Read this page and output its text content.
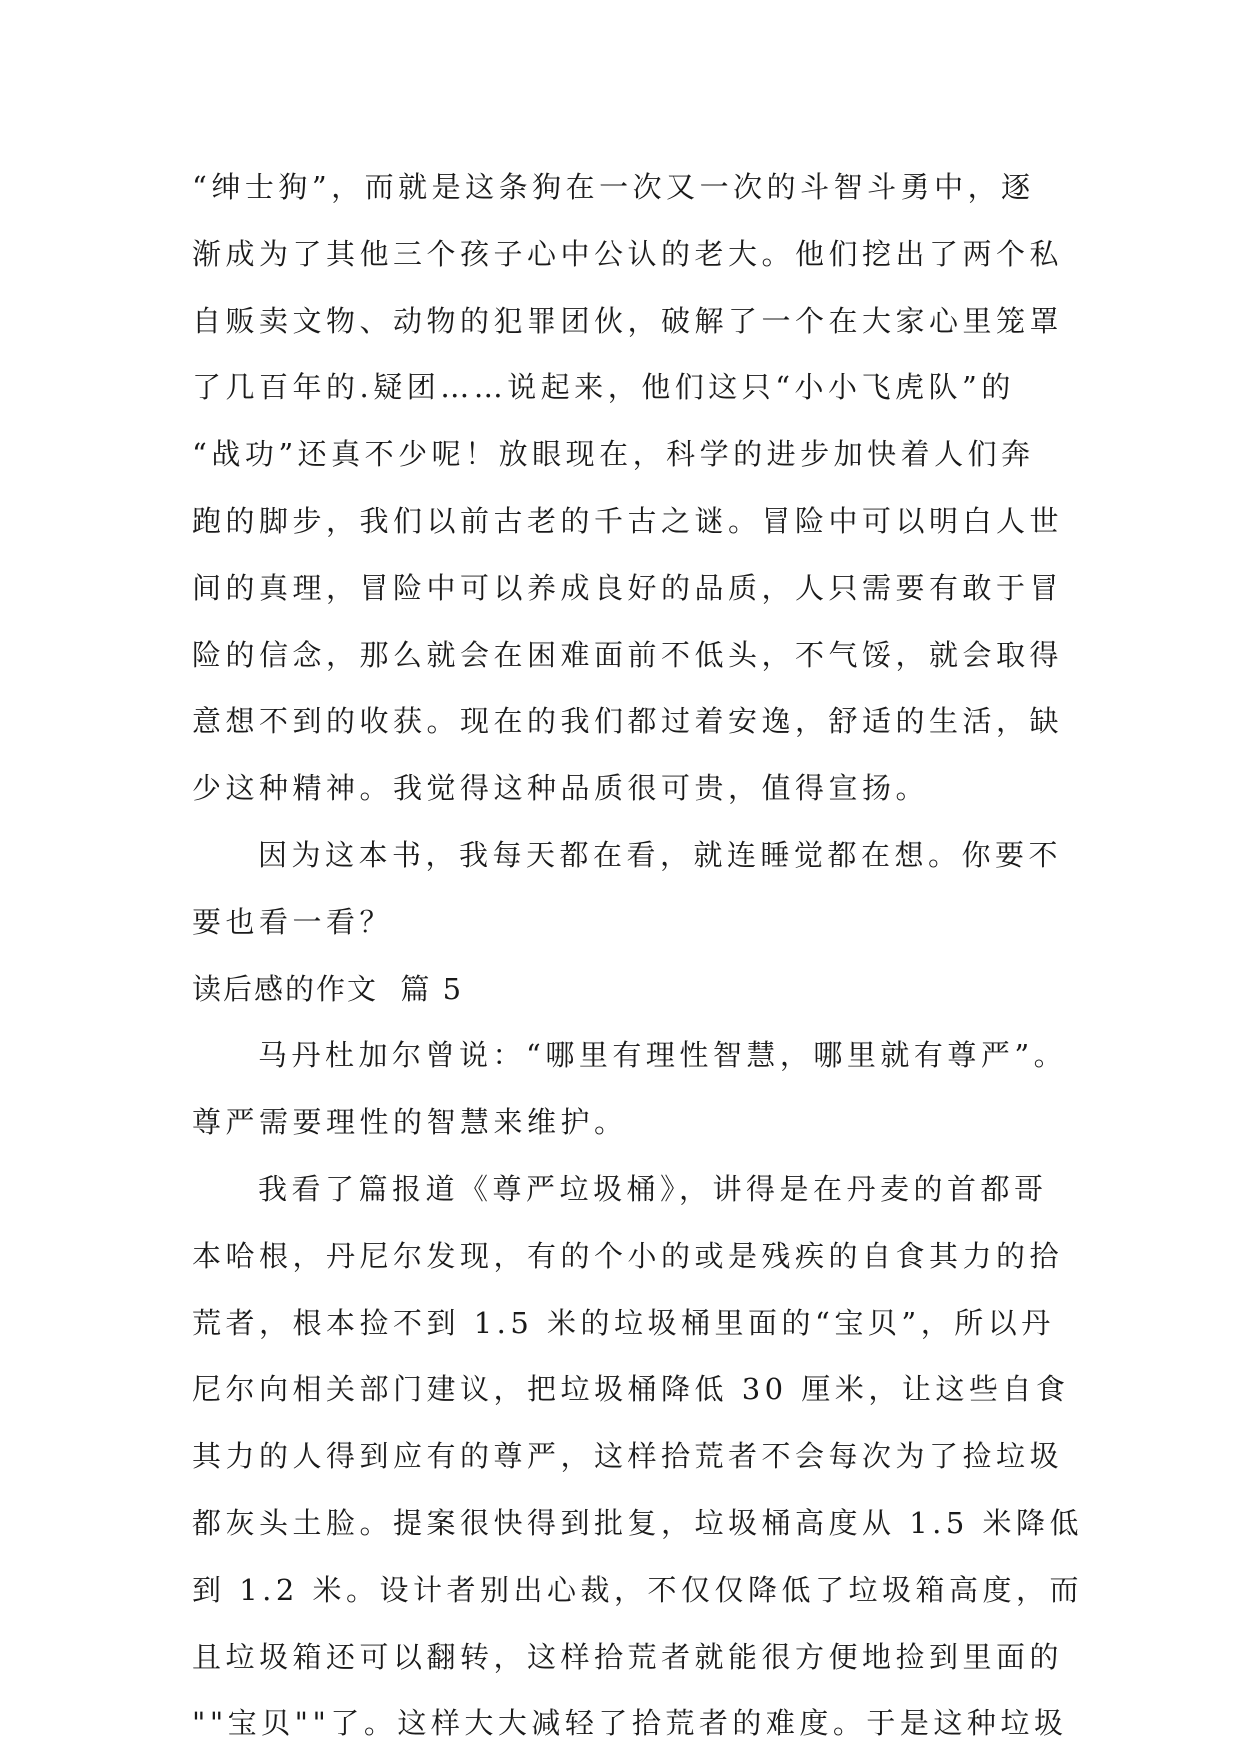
“绅士狗”，而就是这条狗在一次又一次的斗智斗勇中，逐
渐成为了其他三个孩子心中公认的老大。他们挖出了两个私
自贩卖文物、动物的犯罪团伙，破解了一个在大家心里笼罩
了几百年的.疑团……说起来，他们这只“小小飞虎队”的
“战功”还真不少呢！放眼现在，科学的进步加快着人们奔
跑的脚步，我们以前古老的千古之谜。冒险中可以明白人世
间的真理，冒险中可以养成良好的品质，人只需要有敢于冒
险的信念，那么就会在困难面前不低头，不气馁，就会取得
意想不到的收获。现在的我们都过着安逸，舒适的生活，缺
少这种精神。我觉得这种品质很可贵，值得宣扬。
因为这本书，我每天都在看，就连睡觉都在想。你要不
要也看一看？
读后感的作文  篇 5
马丹杜加尔曾说：“哪里有理性智慧，哪里就有尊严”。
尊严需要理性的智慧来维护。
我看了篇报道《尊严垃圾桶》，讲得是在丹麦的首都哥
本哈根，丹尼尔发现，有的个小的或是残疾的自食其力的拾
荒者，根本捡不到 1.5 米的垃圾桶里面的“宝贝”，所以丹
尼尔向相关部门建议，把垃圾桶降低 30 厘米，让这些自食
其力的人得到应有的尊严，这样拾荒者不会每次为了捡垃圾
都灰头土脸。提案很快得到批复，垃圾桶高度从 1.5 米降低
到 1.2 米。设计者别出心裁，不仅仅降低了垃圾箱高度，而
且垃圾箱还可以翻转，这样拾荒者就能很方便地捡到里面的
""宝贝""了。这样大大减轻了拾荒者的难度。于是这种垃圾
